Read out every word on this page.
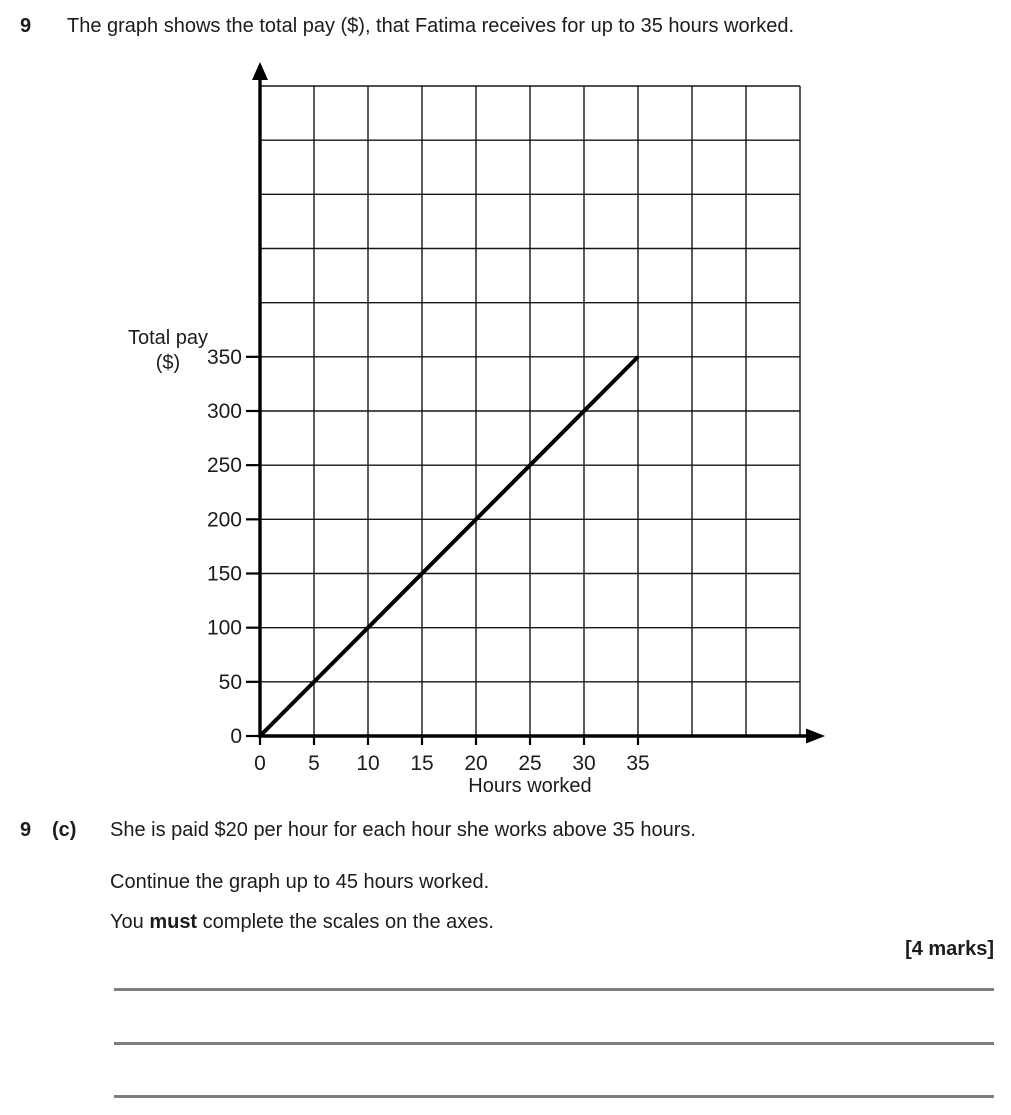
9 The graph shows the total pay ($), that Fatima receives for up to 35 hours worked.
0
50
100
150
200
250
300
350
0 5 10 15 20 25 30 35
Hours worked
Total pay
($)
9 (c) She is paid $20 per hour for each hour she works above 35 hours.
Continue the graph up to 45 hours worked.
You must complete the scales on the axes.
[4 marks]
